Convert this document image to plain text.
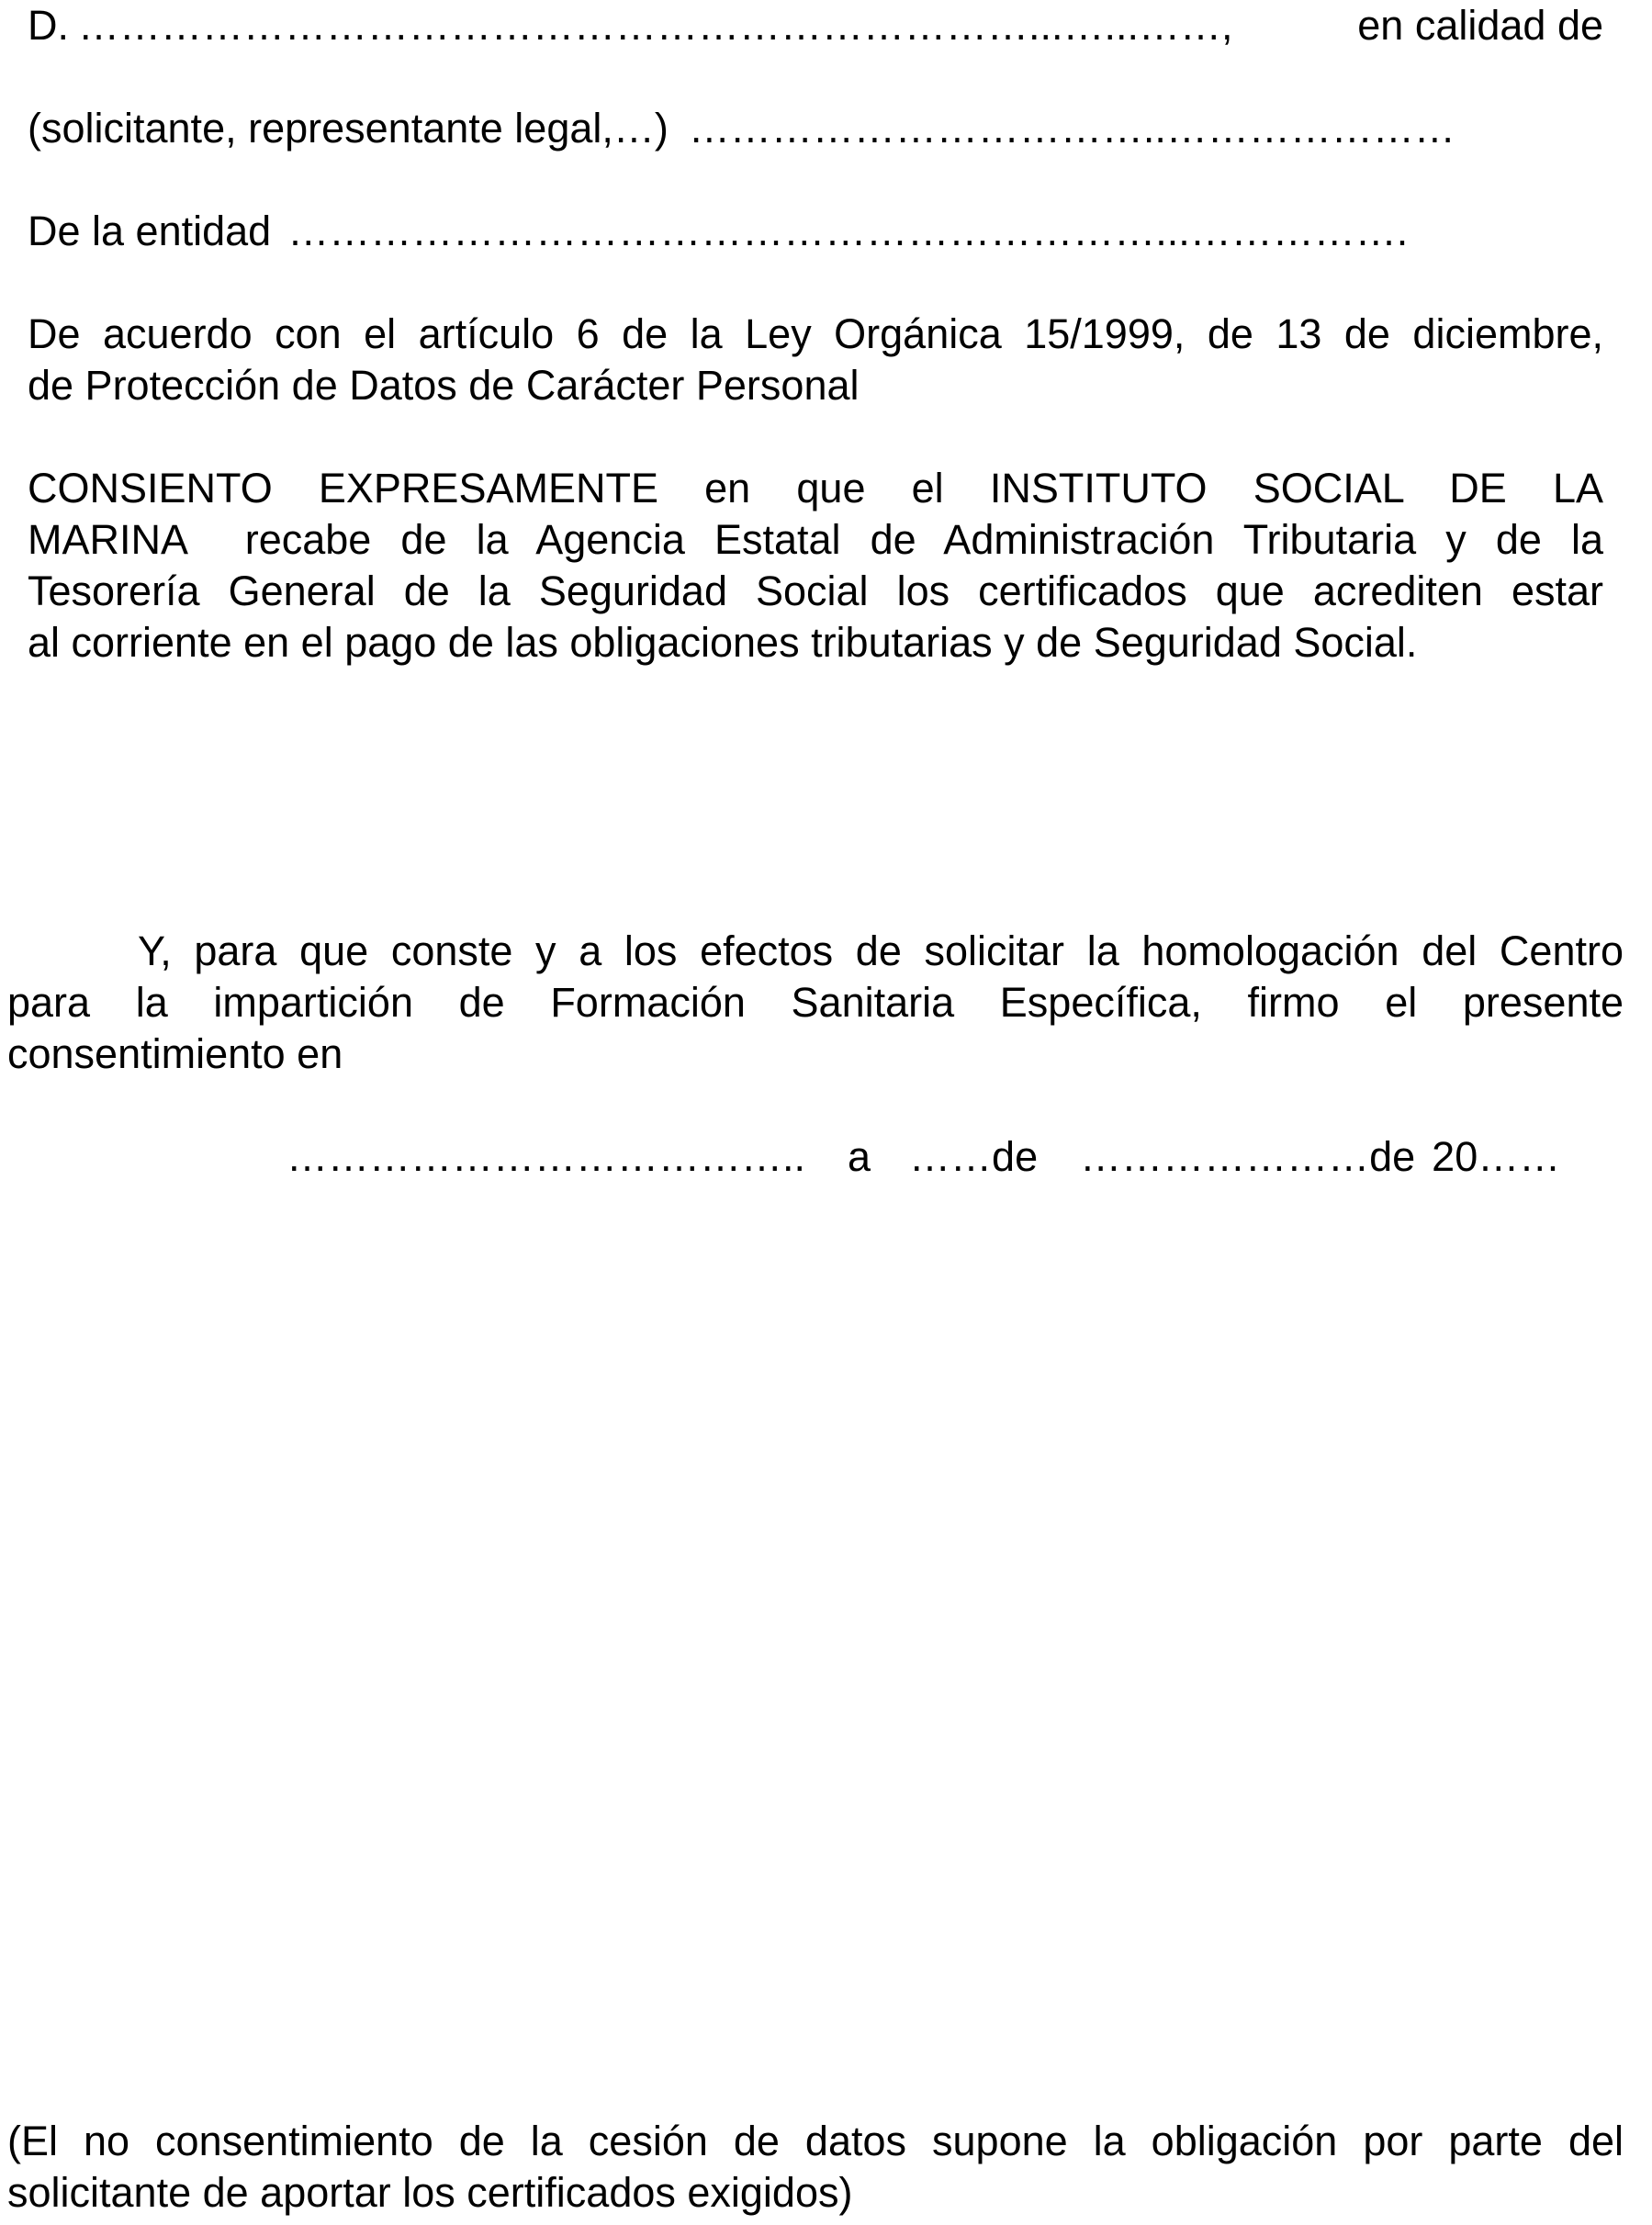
D. ……………………………………………………………...…...……,	en calidad de
(solicitante, representante legal,…) ……………………………..…………………
De la entidad ………………………………………………………...…………….
De acuerdo con el artículo 6 de la Ley Orgánica 15/1999, de 13 de diciembre,
de Protección de Datos de Carácter Personal
CONSIENTO EXPRESAMENTE en que el INSTITUTO SOCIAL DE LA
MARINA  recabe de la Agencia Estatal de Administración Tributaria y de la
Tesorería General de la Seguridad Social los certificados que acrediten estar
al corriente en el pago de las obligaciones tributarias y de Seguridad Social.
Y, para que conste y a los efectos de solicitar la homologación del Centro
para la impartición de Formación Sanitaria Específica, firmo el presente
consentimiento en
……………………………….. a ……de …………………de 20……
(El no consentimiento de la cesión de datos supone la obligación por parte del
solicitante de aportar los certificados exigidos)
